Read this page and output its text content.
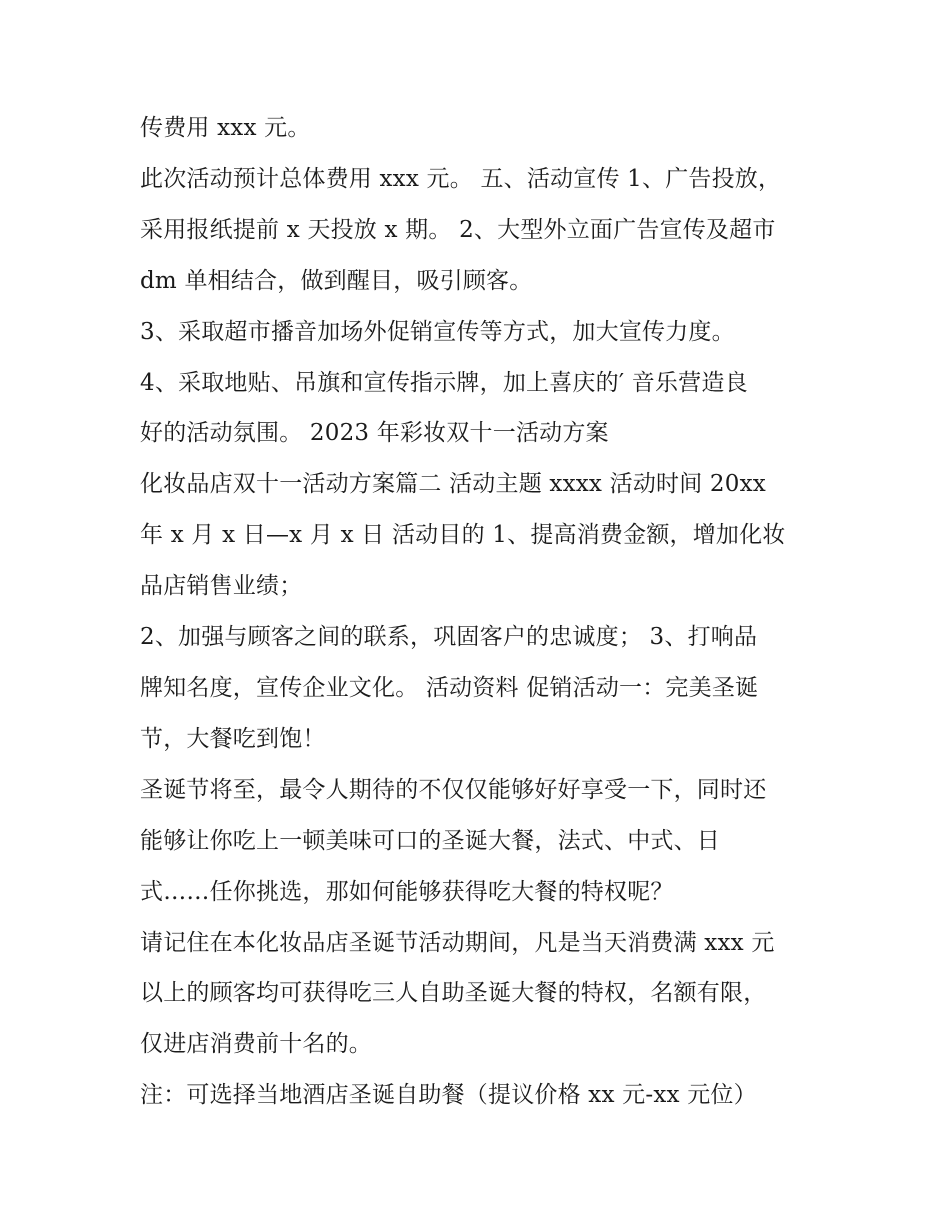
传费用 xxx 元。

此次活动预计总体费用 xxx 元。 五、活动宣传 1、广告投放，

采用报纸提前 x 天投放 x 期。 2、大型外立面广告宣传及超市

dm 单相结合，做到醒目，吸引顾客。

3、采取超市播音加场外促销宣传等方式，加大宣传力度。

4、采取地贴、吊旗和宣传指示牌，加上喜庆的′ 音乐营造良

好的活动氛围。 2023 年彩妆双十一活动方案

化妆品店双十一活动方案篇二 活动主题 xxxx 活动时间 20xx

年 x 月 x 日—x 月 x 日 活动目的 1、提高消费金额，增加化妆

品店销售业绩；

2、加强与顾客之间的联系，巩固客户的忠诚度； 3、打响品

牌知名度，宣传企业文化。 活动资料 促销活动一：完美圣诞

节，大餐吃到饱！

圣诞节将至，最令人期待的不仅仅能够好好享受一下，同时还

能够让你吃上一顿美味可口的圣诞大餐，法式、中式、日

式……任你挑选，那如何能够获得吃大餐的特权呢？

请记住在本化妆品店圣诞节活动期间，凡是当天消费满 xxx 元

以上的顾客均可获得吃三人自助圣诞大餐的特权，名额有限，

仅进店消费前十名的。

注：可选择当地酒店圣诞自助餐（提议价格 xx 元-xx 元位）
